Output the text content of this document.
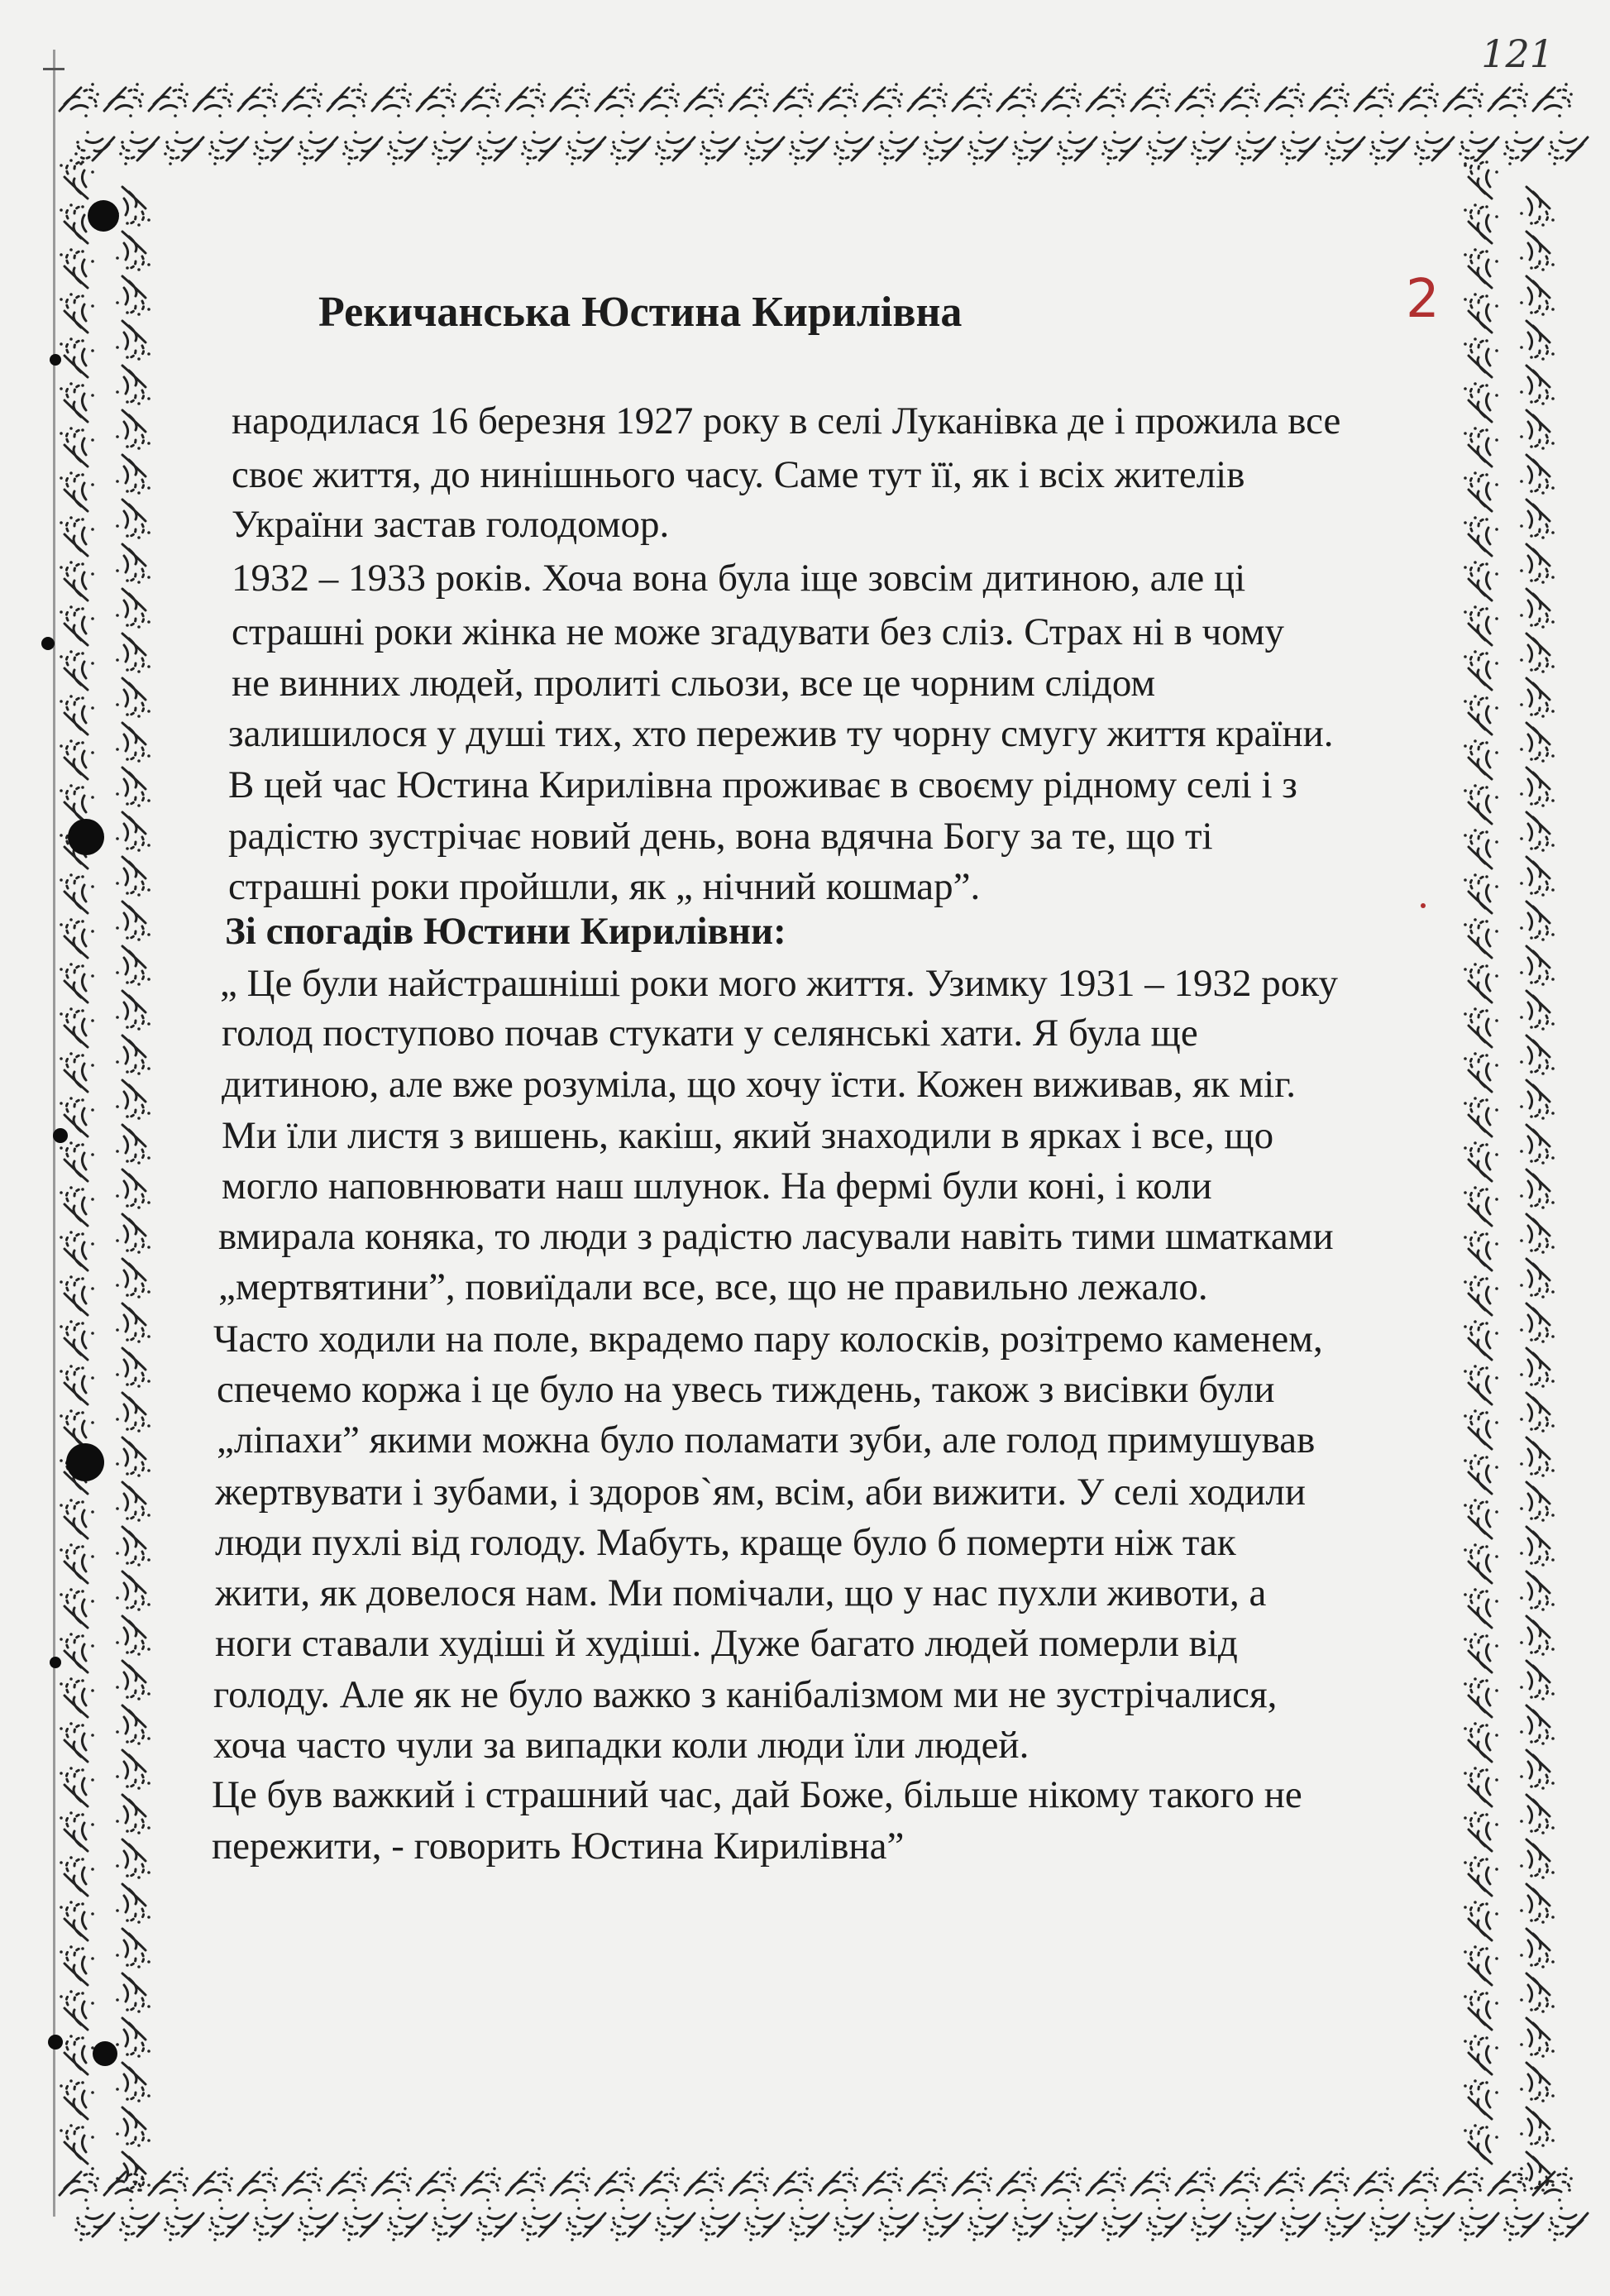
121
Рекичанська Юстина Кирилівна	2
народилася 16 березня 1927 року в селі Луканівка де і прожила все
своє життя, до нинішнього часу. Саме тут її, як і всіх жителів
України застав голодомор.
1932 – 1933 років. Хоча вона була іще зовсім дитиною, але ці
страшні роки жінка не може згадувати без сліз. Страх ні в чому
не винних людей, пролиті сльози, все це чорним слідом
залишилося у душі тих, хто пережив ту чорну смугу життя країни.
В цей час Юстина Кирилівна проживає в своєму рідному селі і з
радістю зустрічає новий день, вона вдячна Богу за те, що ті
страшні роки пройшли, як „ нічний кошмар”.
Зі спогадів Юстини Кирилівни:
„ Це були найстрашніші роки мого життя. Узимку 1931 – 1932 року
голод поступово почав стукати у селянські хати. Я була ще
дитиною, але вже розуміла, що хочу їсти. Кожен виживав, як міг.
Ми їли листя з вишень, какіш, який знаходили в ярках і все, що
могло наповнювати наш шлунок. На фермі були коні, і коли
вмирала коняка, то люди з радістю ласували навіть тими шматками
„мертвятини”, повиїдали все, все, що не правильно лежало.
Часто ходили на поле, вкрадемо пару колосків, розітремо каменем,
спечемо коржа і це було на увесь тиждень, також з висівки були
„ліпахи” якими можна було поламати зуби, але голод примушував
жертвувати і зубами, і здоров`ям, всім, аби вижити. У селі ходили
люди пухлі від голоду. Мабуть, краще було б померти ніж так
жити, як довелося нам. Ми помічали, що у нас пухли животи, а
ноги ставали худіші й худіші. Дуже багато людей померли від
голоду. Але як не було важко з канібалізмом ми не зустрічалися,
хоча часто чули за випадки коли люди їли людей.
Це був важкий і страшний час, дай Боже, більше нікому такого не
пережити, - говорить Юстина Кирилівна”
